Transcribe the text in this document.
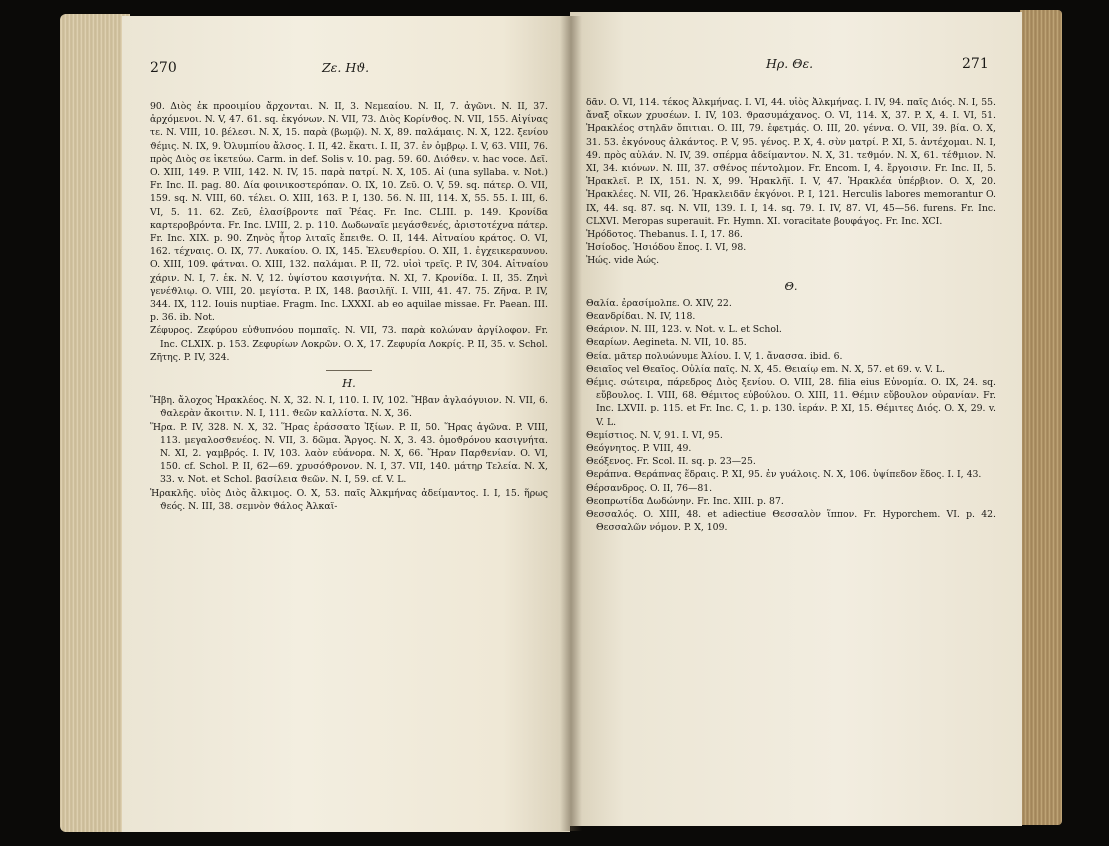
270	Ζε. Ηϑ.

90. Διὸς ἐκ προοιμίου ἄρχονται. N. II, 3. Νεμεαίου. N. II, 7. ἀγῶνι. N. II, 37. ἀρχόμενοι. N. V, 47. 61. sq. ἐκγόνων. N. VII, 73. Διὸς Κορίνϑος. N. VII, 155. Αἰγίνας τε. N. VIII, 10. βέλεσι. N. X, 15. παρὰ (βωμῷ). N. X, 89. παλάμαις. N. X, 122. ξενίου ϑέμις. N. IX, 9. Ὀλυμπίου ἄλσος. I. II, 42. ἔκατι. I. II, 37. ἐν ὀμβρῳ. I. V, 63. VIII, 76. πρὸς Διὸς σε ἱκετεύω. Carm. in def. Solis v. 10. pag. 59. 60. Διόϑεν. v. hac voce. Δεῖ. O. XIII, 149. P. VIII, 142. N. IV, 15. παρὰ πατρί. N. X, 105. Αἰ (una syllaba. v. Not.) Fr. Inc. II. pag. 80. Δία φοινικοστερόπαν. O. IX, 10. Ζεῦ. O. V, 59. sq. πάτερ. O. VII, 159. sq. N. VIII, 60. τέλει. O. XIII, 163. P. I, 130. 56. N. III, 114. X, 55. 55. I. III, 6. VI, 5. 11. 62. Ζεῦ, ἐλασίβροντε παῖ Ῥέας. Fr. Inc. CLIII. p. 149. Κρονίδα καρτεροβρόντα. Fr. Inc. LVIII, 2. p. 110. Δωδωναῖε μεγάσϑενές, ἀριστοτέχνα πάτερ. Fr. Inc. XIX. p. 90. Ζηνὸς ἦτορ λιταῖς ἔπειϑε. O. II, 144. Αἰτναίου κράτος. O. VI, 162. τέχναις. O. IX, 77. Λυκαίου. O. IX, 145. Ἐλευϑερίου. O. XII, 1. ἐγχεικεραυνου. O. XIII, 109. φάτναι. O. XIII, 132. παλάμαι. P. II, 72. υἱοὶ τρεῖς. P. IV, 304. Αἰτναίου χάριν. N. I, 7. ἐκ. N. V, 12. ὑψίστου κασιγνήτα. N. XI, 7. Κρονίδα. I. II, 35. Ζηνὶ γενέϑλιῳ. O. VIII, 20. μεγίστα. P. IX, 148. βασιλῆϊ. I. VIII, 41. 47. 75. Ζῆνα. P. IV, 344. IX, 112. Iouis nuptiae. Fragm. Inc. LXXXI. ab eo aquilae missae. Fr. Paean. III. p. 36. ib. Not.

Ζέφυρος. Ζεφύρου εὐϑυπνόου πομπαῖς. N. VII, 73. παρὰ κολώναν ἀργίλοφον. Fr. Inc. CLXIX. p. 153. Ζεφυρίων Λοκρῶν. O. X, 17. Ζεφυρία Λοκρίς. P. II, 35. v. Schol.

Ζῆτης. P. IV, 324.

Η.

Ἥβη. ἄλοχος Ἡρακλέος. N. X, 32. N. I, 110. I. IV, 102. Ἥβαν ἀγλαόγυιον. N. VII, 6. ϑαλερὰν ἄκοιτιν. N. I, 111. ϑεῶν καλλίστα. N. X, 36.

Ἥρα. P. IV, 328. N. X, 32. Ἥρας ἐράσσατο Ἰξίων. P. II, 50. Ἥρας ἀγῶνα. P. VIII, 113. μεγαλοσϑενέος. N. VII, 3. δῶμα. Ἄργος. N. X, 3. 43. ὁμοϑρόνου κασιγνήτα. N. XI, 2. γαμβρός. I. IV, 103. λαὸν εὐάνορα. N. X, 66. Ἥραν Παρϑενίαν. O. VI, 150. cf. Schol. P. II, 62—69. χρυσόϑρονον. N. I, 37. VII, 140. μάτηρ Τελεία. N. X, 33. v. Not. et Schol. βασίλεια ϑεῶν. N. I, 59. cf. V. L.

Ἡρακλῆς. υἱὸς Διὸς ἄλκιμος. O. X, 53. παῖς Ἀλκμήνας ἀδείμαντος. I. I, 15. ἥρως ϑεός. N. III, 38. σεμνὸν ϑάλος Ἀλκαϊ-

Ηρ. Θε.	271

δᾶν. O. VI, 114. τέκος Ἀλκμήνας. I. VI, 44. υἱὸς Ἀλκμήνας. I. IV, 94. παῖς Διός. N. I, 55. ἄναξ οἴκων χρυσέων. I. IV, 103. ϑρασυμάχανος. O. VI, 114. X, 37. P. X, 4. I. VI, 51. Ἡρακλέος στηλᾶν ὄπιτιαι. O. III, 79. ἐφετμάς. O. III, 20. γέννα. O. VII, 39. βία. O. X, 31. 53. ἐκγόνους ἀλκάντος. P. V, 95. γένος. P. X, 4. σὺν ματρί. P. XI, 5. ἀντέχομαι. N. I, 49. πρὸς αὐλάν. N. IV, 39. σπέρμα ἀδείμαντον. N. X, 31. τεϑμόν. N. X, 61. τέϑμιον. N. XI, 34. κιόνων. N. III, 37. σϑένος πέντολμον. Fr. Encom. I, 4. ἔργοισιν. Fr. Inc. II, 5. Ἡρακλεῖ. P. IX, 151. N. X, 99. Ἡρακλῆϊ. I. V, 47. Ἡρακλέα ὑπέρβιον. O. X, 20. Ἡρακλέες. N. VII, 26. Ἡρακλειδᾶν ἐκγόνοι. P. I, 121. Herculis labores memorantur O. IX, 44. sq. 87. sq. N. VII, 139. I. I, 14. sq. 79. I. IV, 87. VI, 45—56. furens. Fr. Inc. CLXVI. Meropas superauit. Fr. Hymn. XI. voracitate βουφάγος. Fr. Inc. XCI.

Ἡρόδοτος. Thebanus. I. I, 17. 86.

Ἡσίοδος. Ἡσιόδου ἔπος. I. VI, 98.

Ἠώς. vide Ἀώς.

Θ.

Θαλία. ἐρασίμολπε. O. XIV, 22.

Θεανδρίδαι. N. IV, 118.

Θεάριον. N. III, 123. v. Not. v. L. et Schol.

Θεαρίων. Aegineta. N. VII, 10. 85.

Θεία. μᾶτερ πολυώνυμε Ἀλίου. I. V, 1. ἄνασσα. ibid. 6.

Θειαῖος vel Θεαῖος. Οὐλία παῖς. N. X, 45. Θειαίῳ em. N. X, 57. et 69. v. V. L.

Θέμις. σώτειρα, πάρεδρος Διὸς ξενίου. O. VIII, 28. filia eius Εὐνομία. O. IX, 24. sq. εὔβουλος. I. VIII, 68. Θέμιτος εὐβούλου. O. XIII, 11. Θέμιν εὔβουλον οὐρανίαν. Fr. Inc. LXVII. p. 115. et Fr. Inc. C, 1. p. 130. ἱεράν. P. XI, 15. Θέμιτες Διός. O. X, 29. v. V. L.

Θεμίστιος. N. V, 91. I. VI, 95.

Θεόγνητος. P. VIII, 49.

Θεόξενος. Fr. Scol. II. sq. p. 23—25.

Θεράπνα. Θεράπνας ἕδραις. P. XI, 95. ἐν γυάλοις. N. X, 106. ὑψίπεδον ἕδος. I. I, 43.

Θέρσανδρος. O. II, 76—81.

Θεοπρωτίδα Δωδώνην. Fr. Inc. XIII. p. 87.

Θεσσαλός. O. XIII, 48. et adiectiue Θεσσαλὸν ἵππον. Fr. Hyporchem. VI. p. 42. Θεσσαλῶν νόμον. P. X, 109.
